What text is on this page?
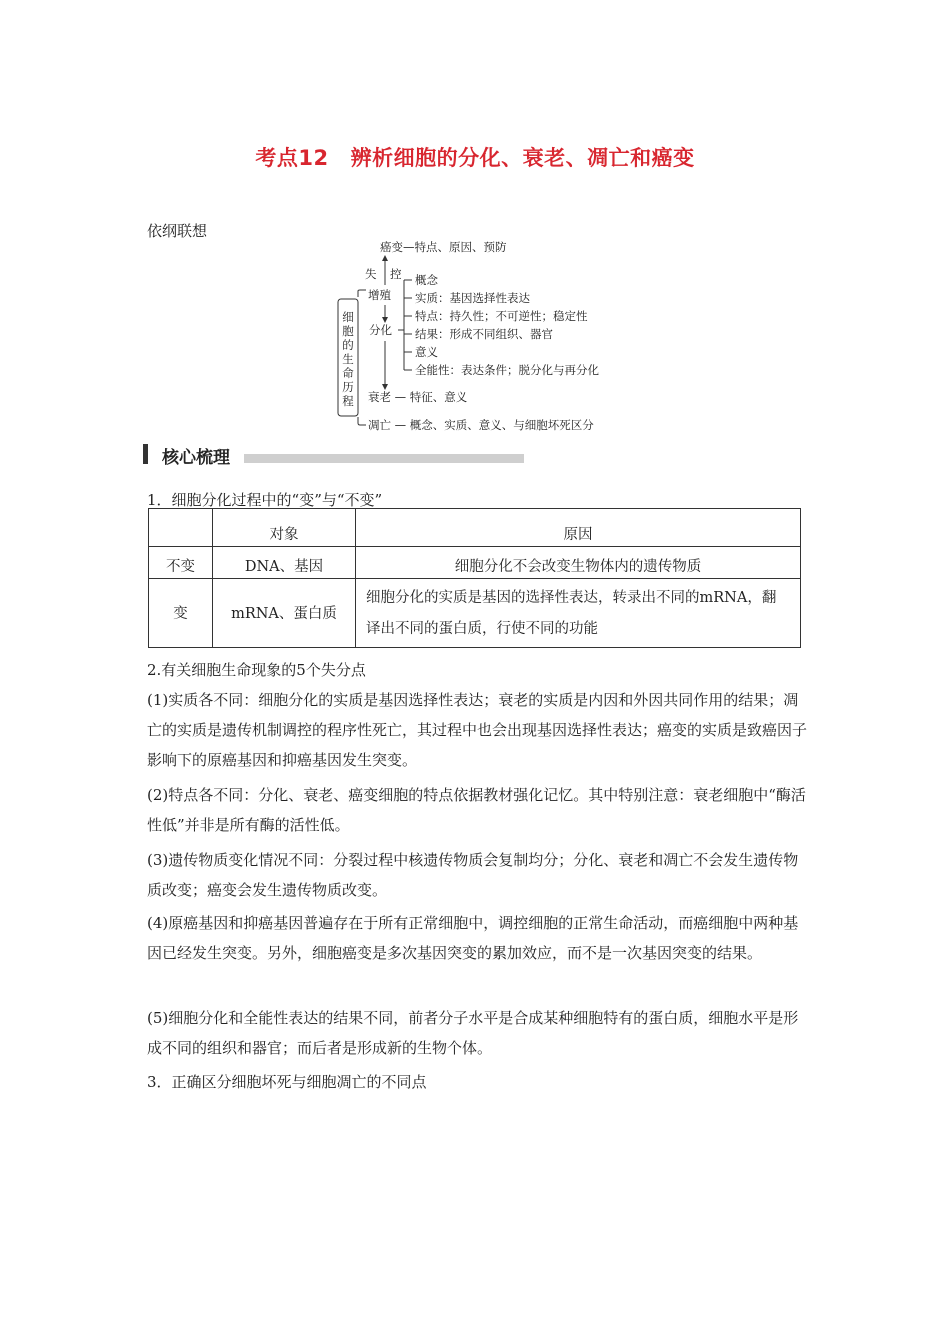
考点12 辨析细胞的分化、衰老、凋亡和癌变
依纲联想
细
胞
的
生
命
历
程
癌变—特点、原因、预防
失 控
增殖
分化
衰老 — 特征、意义
凋亡 — 概念、实质、意义、与细胞坏死区分
概念
实质：基因选择性表达
特点：持久性；不可逆性；稳定性
结果：形成不同组织、器官
意义
全能性：表达条件；脱分化与再分化
核心梳理

1．细胞分化过程中的“变”与“不变”

	对象	原因
不变	DNA、基因	细胞分化不会改变生物体内的遗传物质
变	mRNA、蛋白质	细胞分化的实质是基因的选择性表达，转录出不同的mRNA，翻译出不同的蛋白质，行使不同的功能

2.有关细胞生命现象的5个失分点

(1)实质各不同：细胞分化的实质是基因选择性表达；衰老的实质是内因和外因共同作用的结果；凋亡的实质是遗传机制调控的程序性死亡，其过程中也会出现基因选择性表达；癌变的实质是致癌因子影响下的原癌基因和抑癌基因发生突变。

(2)特点各不同：分化、衰老、癌变细胞的特点依据教材强化记忆。其中特别注意：衰老细胞中“酶活性低”并非是所有酶的活性低。

(3)遗传物质变化情况不同：分裂过程中核遗传物质会复制均分；分化、衰老和凋亡不会发生遗传物质改变；癌变会发生遗传物质改变。

(4)原癌基因和抑癌基因普遍存在于所有正常细胞中，调控细胞的正常生命活动，而癌细胞中两种基因已经发生突变。另外，细胞癌变是多次基因突变的累加效应，而不是一次基因突变的结果。

(5)细胞分化和全能性表达的结果不同，前者分子水平是合成某种细胞特有的蛋白质，细胞水平是形成不同的组织和器官；而后者是形成新的生物个体。

3．正确区分细胞坏死与细胞凋亡的不同点
